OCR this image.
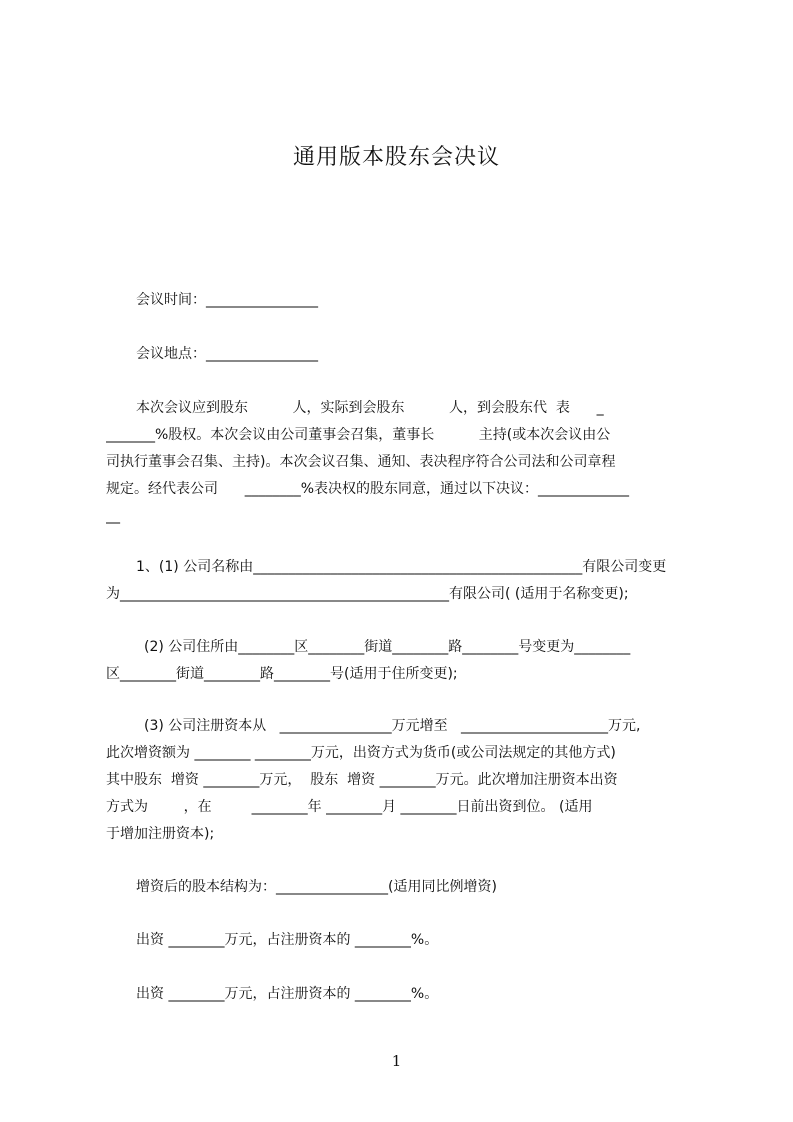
通用版本股东会决议
会议时间：________________
会议地点：________________
本次会议应到股东          人，实际到会股东          人，到会股东代  表      _
_______%股权。本次会议由公司董事会召集，董事长          主持(或本次会议由公
司执行董事会召集、主持)。本次会议召集、通知、表决程序符合公司法和公司章程
规定。经代表公司      ________%表决权的股东同意，通过以下决议：_____________
__
1、(1) 公司名称由_______________________________________________有限公司变更
为_______________________________________________有限公司( (适用于名称变更);
(2) 公司住所由________区________街道________路________号变更为________
区________街道________路________号(适用于住所变更);
(3) 公司注册资本从   ________________万元增至   _____________________万元,
此次增资额为 ________ ________万元，出资方式为货币(或公司法规定的其他方式)
其中股东  增资 ________万元，  股东  增资 ________万元。此次增加注册资本出资
方式为        ，在         ________年 ________月 ________日前出资到位。 (适用
于增加注册资本);
增资后的股本结构为：________________(适用同比例增资)
出资 ________万元，占注册资本的 ________%。
出资 ________万元，占注册资本的 ________%。
1
